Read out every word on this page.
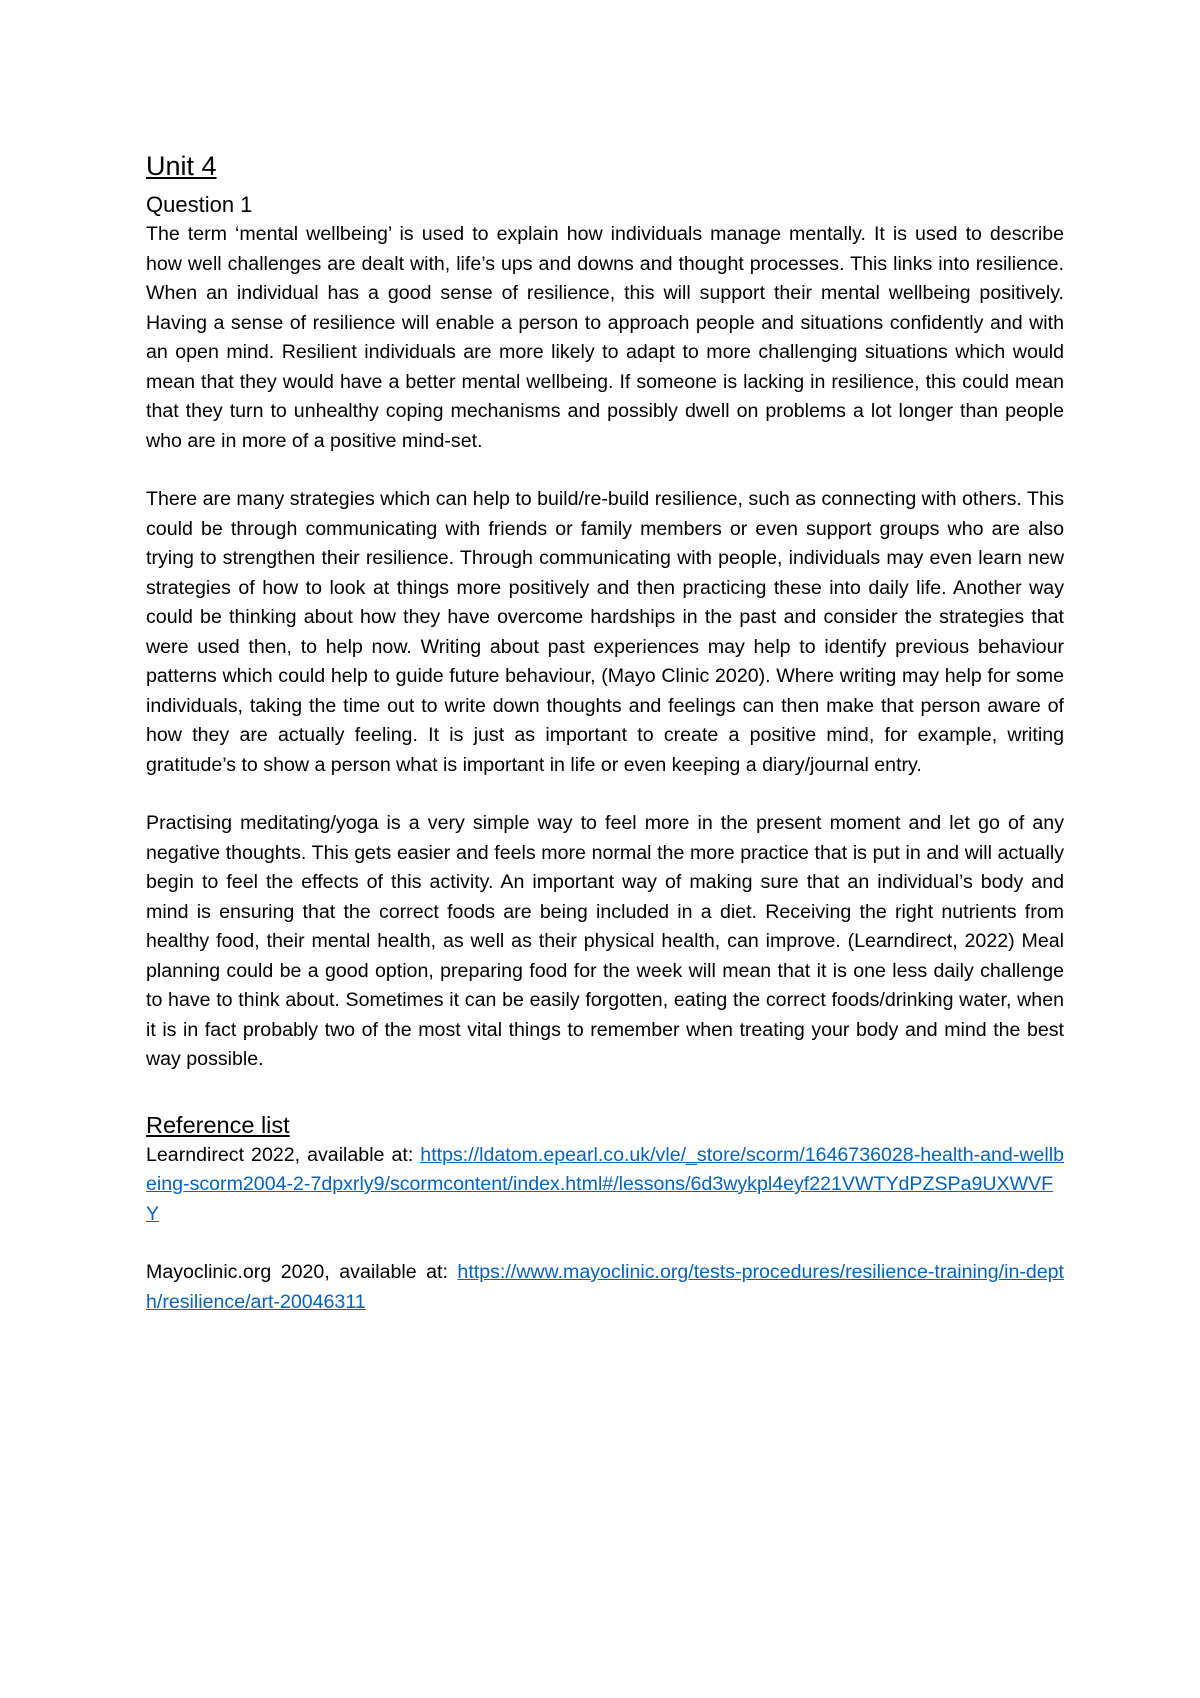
Unit 4
Question 1

The term ‘mental wellbeing’ is used to explain how individuals manage mentally. It is used to describe how well challenges are dealt with, life’s ups and downs and thought processes. This links into resilience. When an individual has a good sense of resilience, this will support their mental wellbeing positively. Having a sense of resilience will enable a person to approach people and situations confidently and with an open mind. Resilient individuals are more likely to adapt to more challenging situations which would mean that they would have a better mental wellbeing. If someone is lacking in resilience, this could mean that they turn to unhealthy coping mechanisms and possibly dwell on problems a lot longer than people who are in more of a positive mind-set.

There are many strategies which can help to build/re-build resilience, such as connecting with others. This could be through communicating with friends or family members or even support groups who are also trying to strengthen their resilience. Through communicating with people, individuals may even learn new strategies of how to look at things more positively and then practicing these into daily life. Another way could be thinking about how they have overcome hardships in the past and consider the strategies that were used then, to help now. Writing about past experiences may help to identify previous behaviour patterns which could help to guide future behaviour, (Mayo Clinic 2020). Where writing may help for some individuals, taking the time out to write down thoughts and feelings can then make that person aware of how they are actually feeling. It is just as important to create a positive mind, for example, writing gratitude’s to show a person what is important in life or even keeping a diary/journal entry.

Practising meditating/yoga is a very simple way to feel more in the present moment and let go of any negative thoughts. This gets easier and feels more normal the more practice that is put in and will actually begin to feel the effects of this activity. An important way of making sure that an individual’s body and mind is ensuring that the correct foods are being included in a diet. Receiving the right nutrients from healthy food, their mental health, as well as their physical health, can improve. (Learndirect, 2022) Meal planning could be a good option, preparing food for the week will mean that it is one less daily challenge to have to think about. Sometimes it can be easily forgotten, eating the correct foods/drinking water, when it is in fact probably two of the most vital things to remember when treating your body and mind the best way possible.

Reference list

Learndirect 2022, available at: https://ldatom.epearl.co.uk/vle/_store/scorm/1646736028-health-and-wellbeing-scorm2004-2-7dpxrly9/scormcontent/index.html#/lessons/6d3wykpl4eyf221VWTYdPZSPa9UXWVFY

Mayoclinic.org 2020, available at: https://www.mayoclinic.org/tests-procedures/resilience-training/in-depth/resilience/art-20046311
